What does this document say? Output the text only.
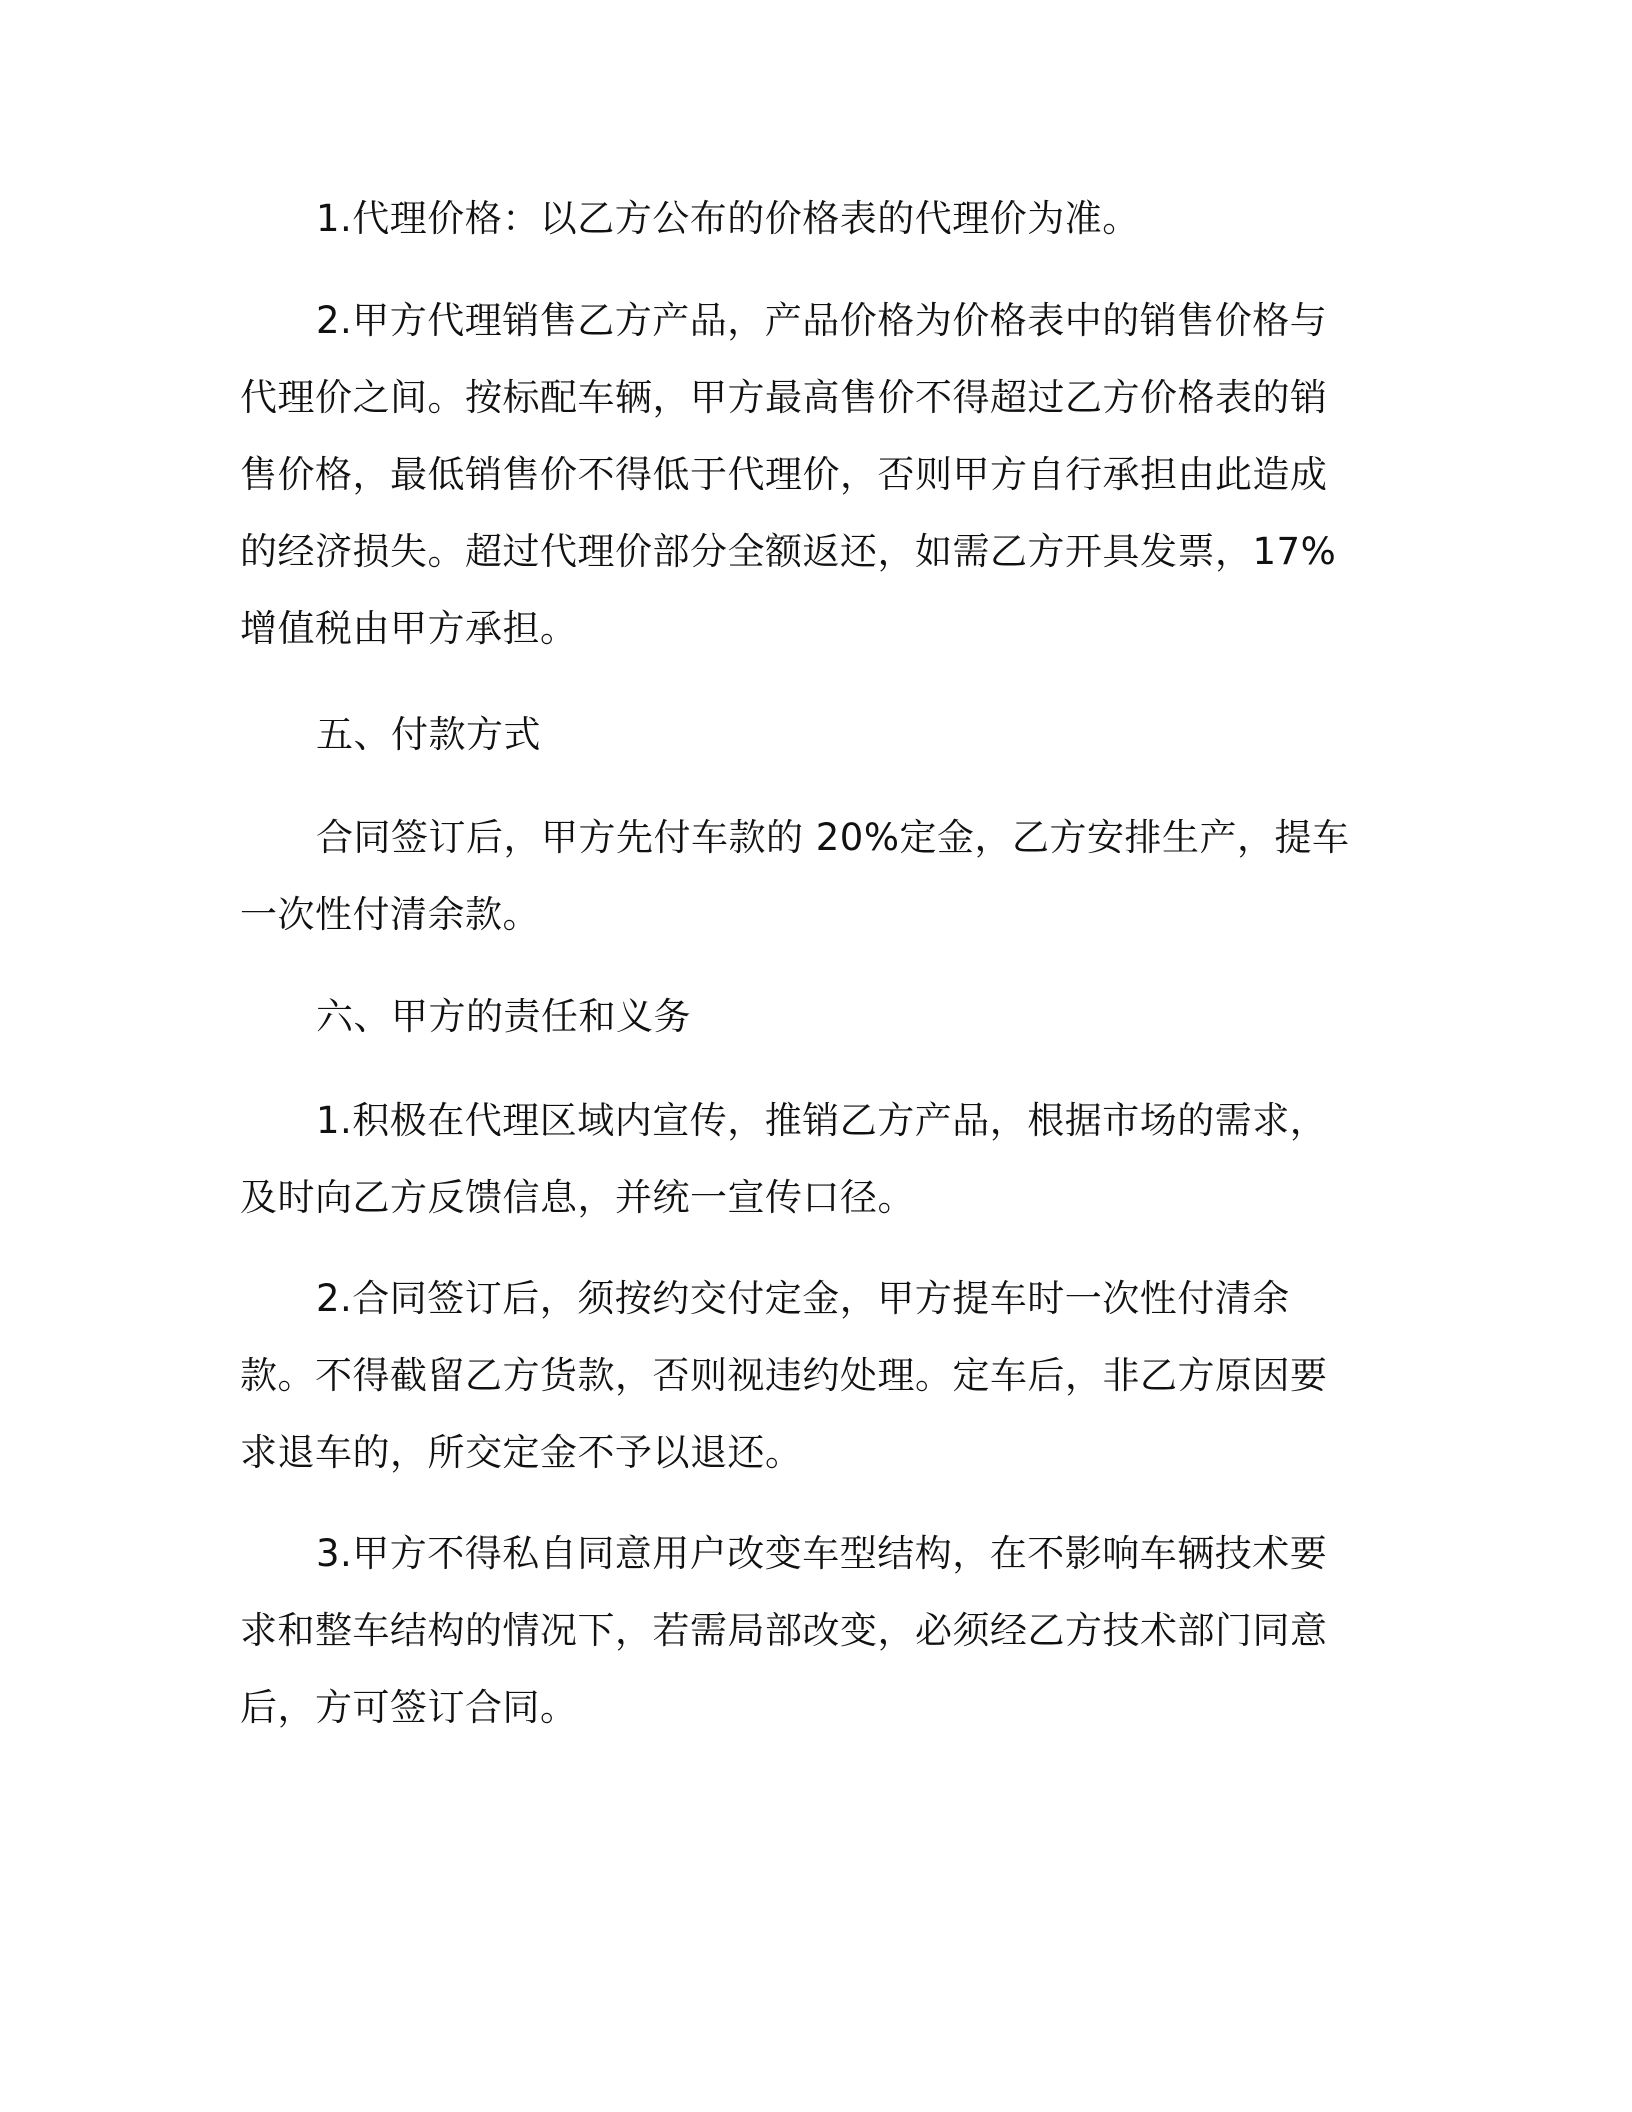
1.代理价格：以乙方公布的价格表的代理价为准。

2.甲方代理销售乙方产品，产品价格为价格表中的销售价格与代理价之间。按标配车辆，甲方最高售价不得超过乙方价格表的销售价格，最低销售价不得低于代理价，否则甲方自行承担由此造成的经济损失。超过代理价部分全额返还，如需乙方开具发票，17%增值税由甲方承担。

五、付款方式

合同签订后，甲方先付车款的 20%定金，乙方安排生产，提车一次性付清余款。

六、甲方的责任和义务

1.积极在代理区域内宣传，推销乙方产品，根据市场的需求，及时向乙方反馈信息，并统一宣传口径。

2.合同签订后，须按约交付定金，甲方提车时一次性付清余款。不得截留乙方货款，否则视违约处理。定车后，非乙方原因要求退车的，所交定金不予以退还。

3.甲方不得私自同意用户改变车型结构，在不影响车辆技术要求和整车结构的情况下，若需局部改变，必须经乙方技术部门同意后，方可签订合同。
